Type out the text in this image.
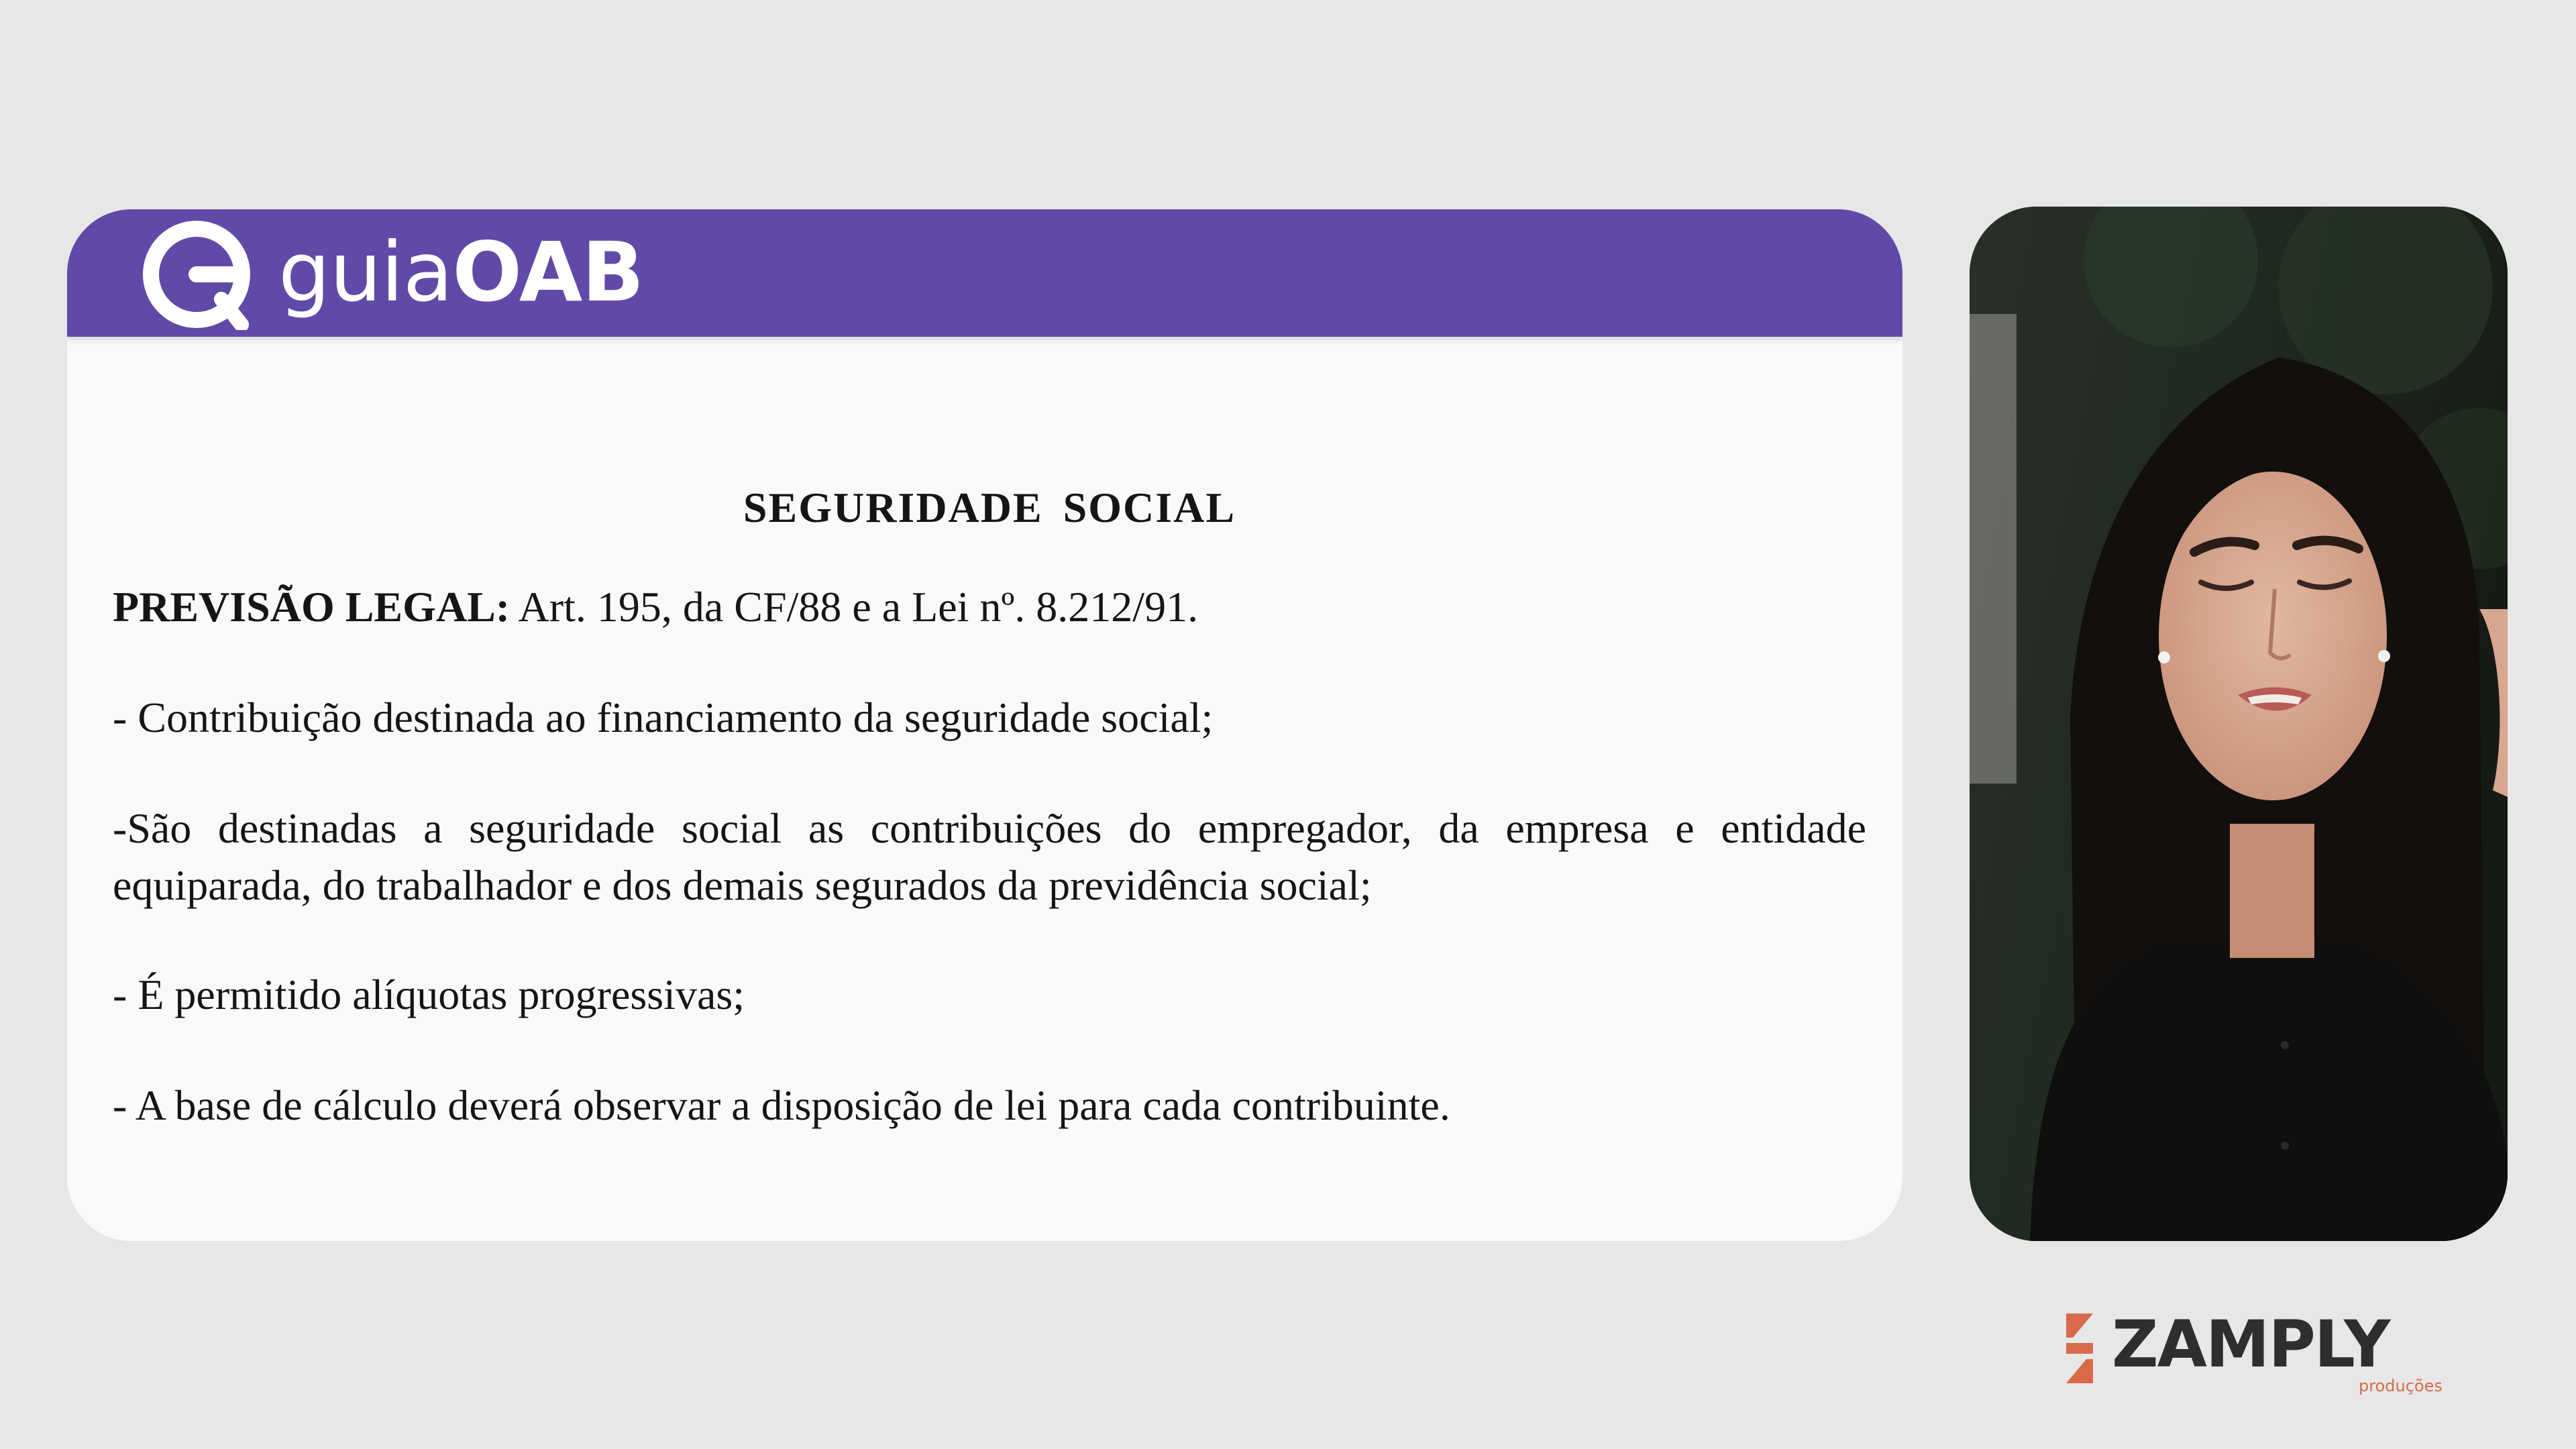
guiaOAB
SEGURIDADE SOCIAL

PREVISÃO LEGAL: Art. 195, da CF/88 e a Lei nº. 8.212/91.

- Contribuição destinada ao financiamento da seguridade social;

-São destinadas a seguridade social as contribuições do empregador, da empresa e entidade equiparada, do trabalhador e dos demais segurados da previdência social;

- É permitido alíquotas progressivas;

- A base de cálculo deverá observar a disposição de lei para cada contribuinte.

ZAMPLY
produções
